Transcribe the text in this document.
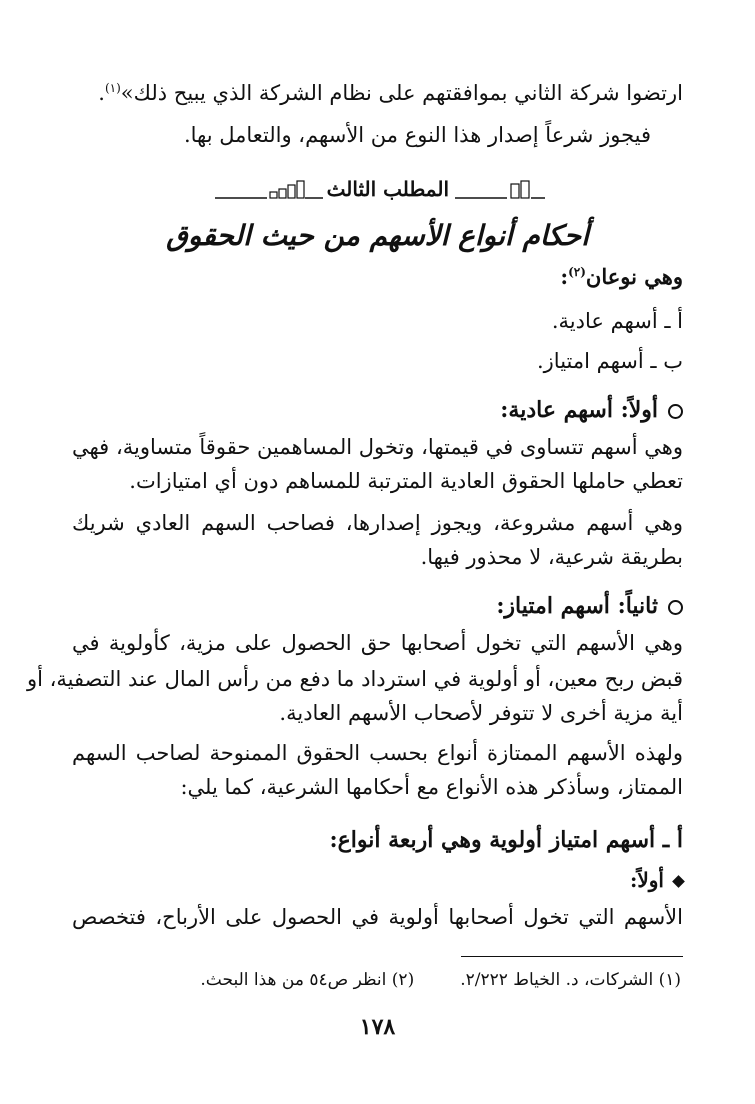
ارتضوا شركة الثاني بموافقتهم على نظام الشركة الذي يبيح ذلك»$^{(١)}$.
فيجوز شرعاً إصدار هذا النوع من الأسهم، والتعامل بها.
المطلب الثالث
أحكام أنواع الأسهم من حيث الحقوق
وهي نوعان$^{(٢)}$:
أ ـ أسهم عادية.
ب ـ أسهم امتياز.
أولاً: أسهم عادية:
وهي أسهم تتساوى في قيمتها، وتخول المساهمين حقوقاً متساوية، فهي
تعطي حاملها الحقوق العادية المترتبة للمساهم دون أي امتيازات.
وهي أسهم مشروعة، ويجوز إصدارها، فصاحب السهم العادي شريك
بطريقة شرعية، لا محذور فيها.
ثانياً: أسهم امتياز:
وهي الأسهم التي تخول أصحابها حق الحصول على مزية، كأولوية في
قبض ربح معين، أو أولوية في استرداد ما دفع من رأس المال عند التصفية، أو
أية مزية أخرى لا تتوفر لأصحاب الأسهم العادية.
ولهذه الأسهم الممتازة أنواع بحسب الحقوق الممنوحة لصاحب السهم
الممتاز، وسأذكر هذه الأنواع مع أحكامها الشرعية، كما يلي:
أ ـ أسهم امتياز أولوية وهي أربعة أنواع:
أولاً:
الأسهم التي تخول أصحابها أولوية في الحصول على الأرباح، فتخصص
(١) الشركات، د. الخياط ٢/٢٢٢.(٢) انظر ص٥٤ من هذا البحث.
١٧٨
